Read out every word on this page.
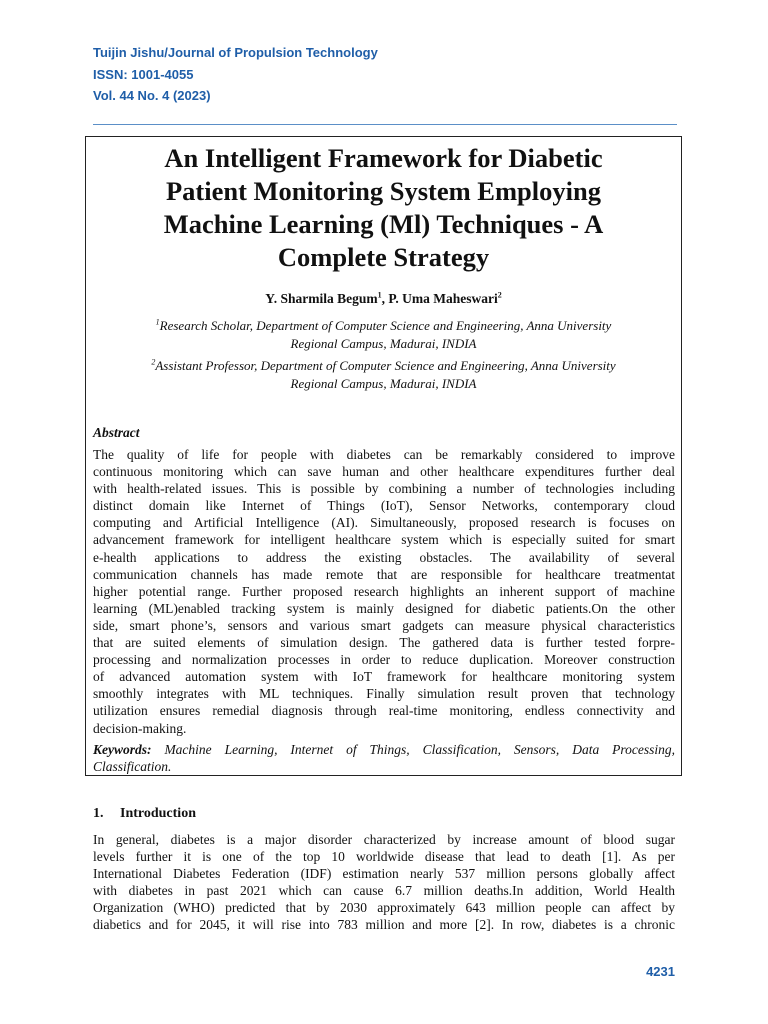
Tuijin Jishu/Journal of Propulsion Technology
ISSN: 1001-4055
Vol. 44 No. 4 (2023)
An Intelligent Framework for Diabetic
Patient Monitoring System Employing
Machine Learning (Ml) Techniques - A
Complete Strategy
Y. Sharmila Begum$^1$, P. Uma Maheswari$^2$
$^1$Research Scholar, Department of Computer Science and Engineering, Anna University
Regional Campus, Madurai, INDIA
$^2$Assistant Professor, Department of Computer Science and Engineering, Anna University
Regional Campus, Madurai, INDIA
Abstract
The quality of life for people with diabetes can be remarkably considered to improve
continuous monitoring which can save human and other healthcare expenditures further deal
with health-related issues. This is possible by combining a number of technologies including
distinct domain like Internet of Things (IoT), Sensor Networks, contemporary cloud
computing and Artificial Intelligence (AI). Simultaneously, proposed research is focuses on
advancement framework for intelligent healthcare system which is especially suited for smart
e-health applications to address the existing obstacles. The availability of several
communication channels has made remote that are responsible for healthcare treatmentat
higher potential range. Further proposed research highlights an inherent support of machine
learning (ML)enabled tracking system is mainly designed for diabetic patients.On the other
side, smart phone’s, sensors and various smart gadgets can measure physical characteristics
that are suited elements of simulation design. The gathered data is further tested forpre-
processing and normalization processes in order to reduce duplication. Moreover construction
of advanced automation system with IoT framework for healthcare monitoring system
smoothly integrates with ML techniques. Finally simulation result proven that technology
utilization ensures remedial diagnosis through real-time monitoring, endless connectivity and
decision-making.
Keywords: Machine Learning, Internet of Things, Classification, Sensors, Data Processing,
Classification.
1. Introduction
In general, diabetes is a major disorder characterized by increase amount of blood sugar
levels further it is one of the top 10 worldwide disease that lead to death [1]. As per
International Diabetes Federation (IDF) estimation nearly 537 million persons globally affect
with diabetes in past 2021 which can cause 6.7 million deaths.In addition, World Health
Organization (WHO) predicted that by 2030 approximately 643 million people can affect by
diabetics and for 2045, it will rise into 783 million and more [2]. In row, diabetes is a chronic
4231
